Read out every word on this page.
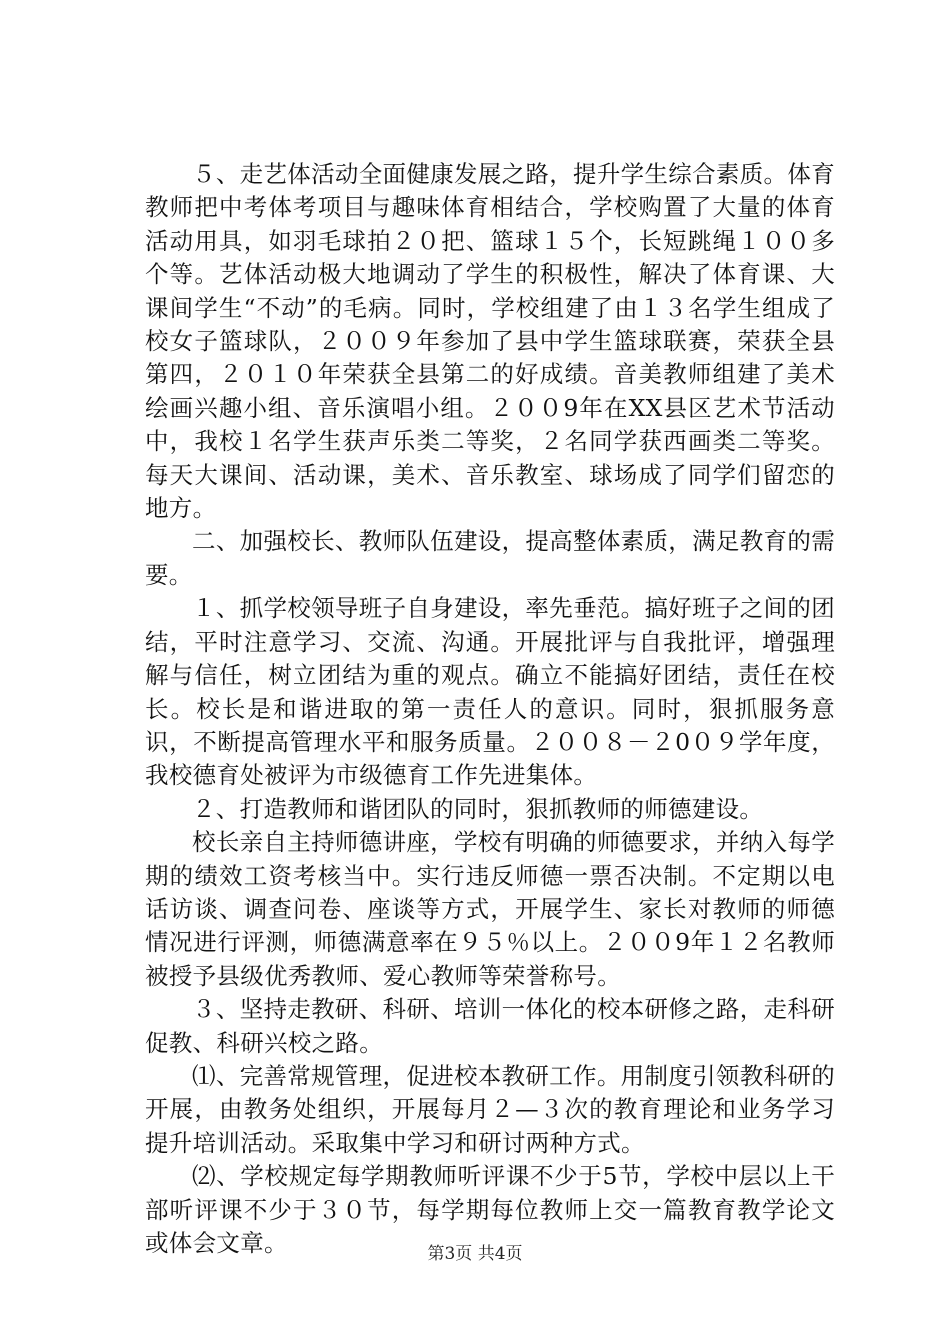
５、走艺体活动全面健康发展之路，提升学生综合素质。体育教师把中考体考项目与趣味体育相结合，学校购置了大量的体育活动用具，如羽毛球拍２０把、篮球１５个，长短跳绳１００多个等。艺体活动极大地调动了学生的积极性，解决了体育课、大课间学生“不动”的毛病。同时，学校组建了由１３名学生组成了校女子篮球队，２００９年参加了县中学生篮球联赛，荣获全县第四，２０１０年荣获全县第二的好成绩。音美教师组建了美术绘画兴趣小组、音乐演唱小组。２００9年在XX县区艺术节活动中，我校１名学生获声乐类二等奖，２名同学获西画类二等奖。每天大课间、活动课，美术、音乐教室、球场成了同学们留恋的地方。

二、加强校长、教师队伍建设，提高整体素质，满足教育的需要。

１、抓学校领导班子自身建设，率先垂范。搞好班子之间的团结，平时注意学习、交流、沟通。开展批评与自我批评，增强理解与信任，树立团结为重的观点。确立不能搞好团结，责任在校长。校长是和谐进取的第一责任人的意识。同时，狠抓服务意识，不断提高管理水平和服务质量。２００８－２0０９学年度，我校德育处被评为市级德育工作先进集体。

２、打造教师和谐团队的同时，狠抓教师的师德建设。

校长亲自主持师德讲座，学校有明确的师德要求，并纳入每学期的绩效工资考核当中。实行违反师德一票否决制。不定期以电话访谈、调查问卷、座谈等方式，开展学生、家长对教师的师德情况进行评测，师德满意率在９５％以上。２００9年１２名教师被授予县级优秀教师、爱心教师等荣誉称号。

３、坚持走教研、科研、培训一体化的校本研修之路，走科研促教、科研兴校之路。

⑴、完善常规管理，促进校本教研工作。用制度引领教科研的开展，由教务处组织，开展每月２—３次的教育理论和业务学习提升培训活动。采取集中学习和研讨两种方式。

⑵、学校规定每学期教师听评课不少于5节，学校中层以上干部听评课不少于３０节，每学期每位教师上交一篇教育教学论文或体会文章。	第3页 共4页
